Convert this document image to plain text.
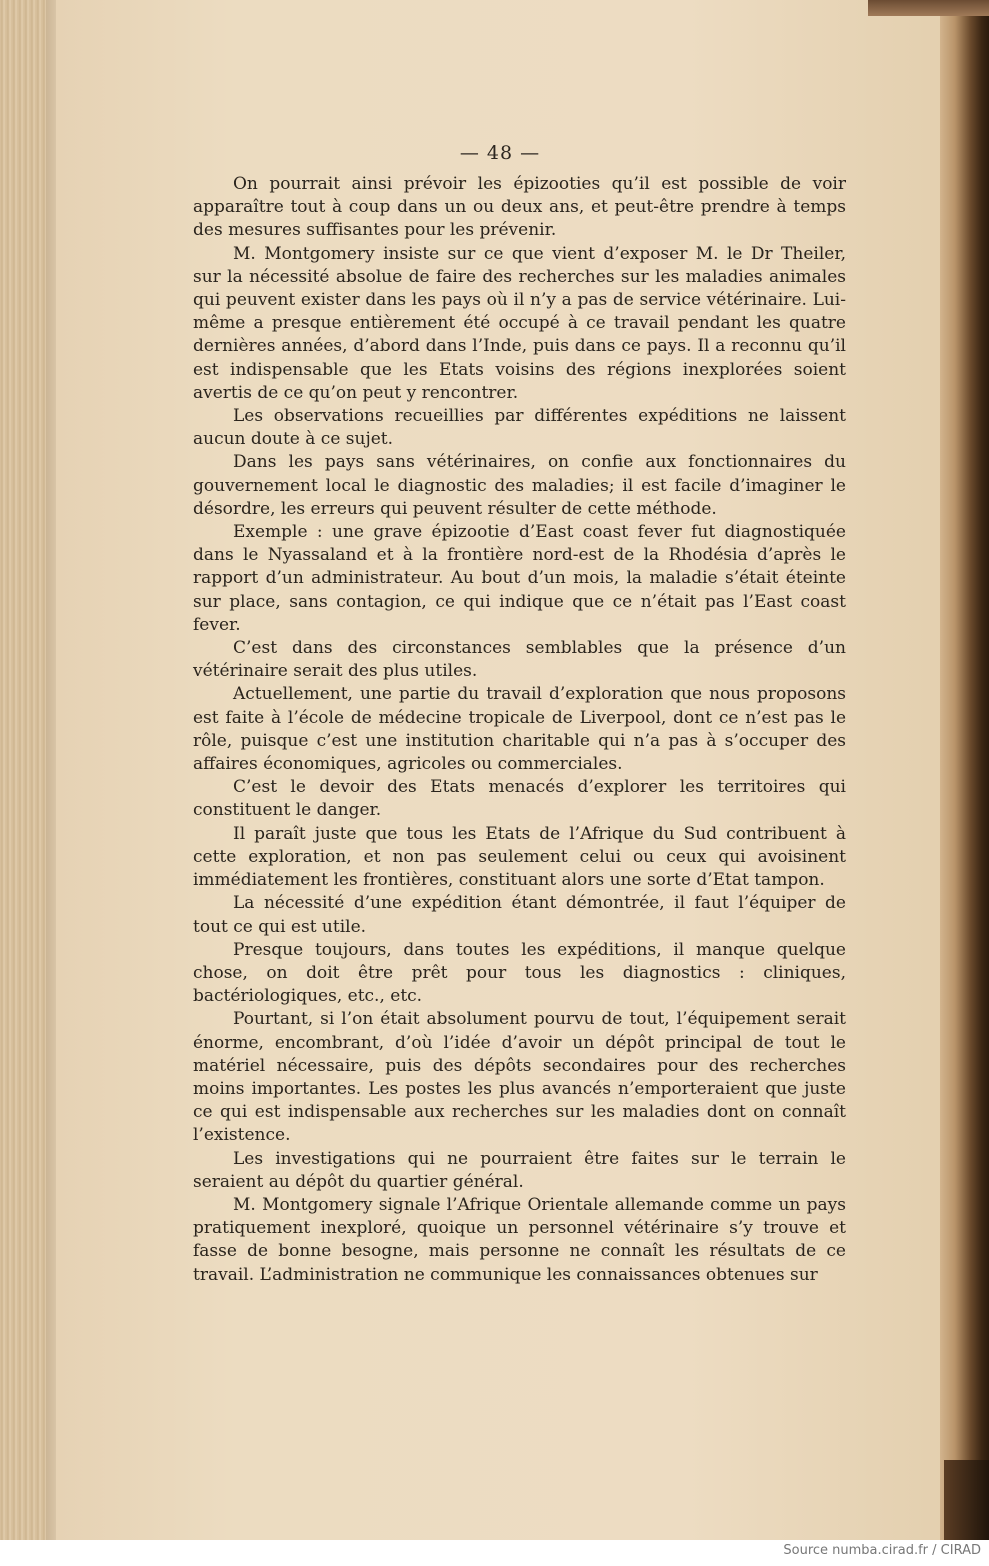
— 48 —

On pourrait ainsi prévoir les épizooties qu’il est possible de voir apparaître tout à coup dans un ou deux ans, et peut-être prendre à temps des mesures suffisantes pour les prévenir.

M. Montgomery insiste sur ce que vient d’exposer M. le Dr Theiler, sur la nécessité absolue de faire des recherches sur les maladies animales qui peuvent exister dans les pays où il n’y a pas de service vétérinaire. Lui-même a presque entièrement été occupé à ce travail pendant les quatre dernières années, d’abord dans l’Inde, puis dans ce pays. Il a reconnu qu’il est indispensable que les Etats voisins des régions inexplorées soient avertis de ce qu’on peut y rencontrer.

Les observations recueillies par différentes expéditions ne laissent aucun doute à ce sujet.

Dans les pays sans vétérinaires, on confie aux fonctionnaires du gouvernement local le diagnostic des maladies; il est facile d’imaginer le désordre, les erreurs qui peuvent résulter de cette méthode.

Exemple : une grave épizootie d’East coast fever fut diagnostiquée dans le Nyassaland et à la frontière nord-est de la Rhodésia d’après le rapport d’un administrateur. Au bout d’un mois, la maladie s’était éteinte sur place, sans contagion, ce qui indique que ce n’était pas l’East coast fever.

C’est dans des circonstances semblables que la présence d’un vétérinaire serait des plus utiles.

Actuellement, une partie du travail d’exploration que nous proposons est faite à l’école de médecine tropicale de Liverpool, dont ce n’est pas le rôle, puisque c’est une institution charitable qui n’a pas à s’occuper des affaires économiques, agricoles ou commerciales.

C’est le devoir des Etats menacés d’explorer les territoires qui constituent le danger.

Il paraît juste que tous les Etats de l’Afrique du Sud contribuent à cette exploration, et non pas seulement celui ou ceux qui avoisinent immédiatement les frontières, constituant alors une sorte d’Etat tampon.

La nécessité d’une expédition étant démontrée, il faut l’équiper de tout ce qui est utile.

Presque toujours, dans toutes les expéditions, il manque quelque chose, on doit être prêt pour tous les diagnostics : cliniques, bactériologiques, etc., etc.

Pourtant, si l’on était absolument pourvu de tout, l’équipement serait énorme, encombrant, d’où l’idée d’avoir un dépôt principal de tout le matériel nécessaire, puis des dépôts secondaires pour des recherches moins importantes. Les postes les plus avancés n’emporteraient que juste ce qui est indispensable aux recherches sur les maladies dont on connaît l’existence.

Les investigations qui ne pourraient être faites sur le terrain le seraient au dépôt du quartier général.

M. Montgomery signale l’Afrique Orientale allemande comme un pays pratiquement inexploré, quoique un personnel vétérinaire s’y trouve et fasse de bonne besogne, mais personne ne connaît les résultats de ce travail. L’administration ne communique les connaissances obtenues sur

Source numba.cirad.fr / CIRAD
